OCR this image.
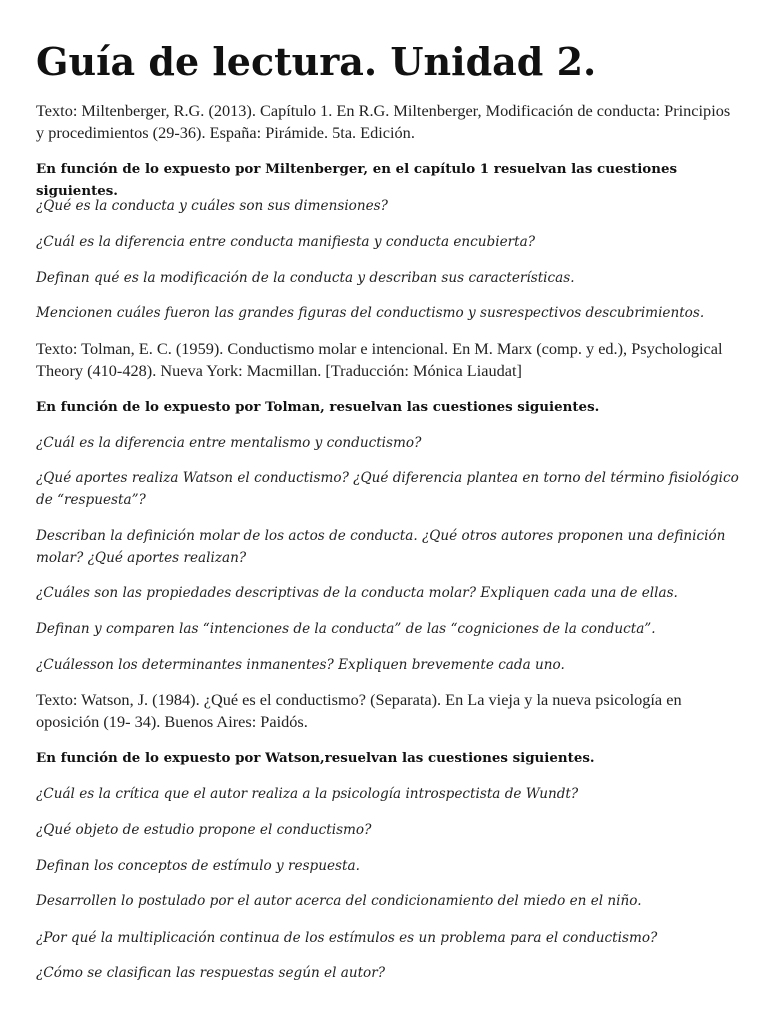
Guía de lectura. Unidad 2.

Texto: Miltenberger, R.G. (2013). Capítulo 1. En R.G. Miltenberger, Modificación de conducta: Principios y procedimientos (29-36). España: Pirámide. 5ta. Edición.

En función de lo expuesto por Miltenberger, en el capítulo 1 resuelvan las cuestiones siguientes.

¿Qué es la conducta y cuáles son sus dimensiones?

¿Cuál es la diferencia entre conducta manifiesta y conducta encubierta?

Definan qué es la modificación de la conducta y describan sus características.

Mencionen cuáles fueron las grandes figuras del conductismo y susrespectivos descubrimientos.

Texto: Tolman, E. C. (1959). Conductismo molar e intencional. En M. Marx (comp. y ed.), Psychological Theory (410-428). Nueva York: Macmillan. [Traducción: Mónica Liaudat]

En función de lo expuesto por Tolman, resuelvan las cuestiones siguientes.

¿Cuál es la diferencia entre mentalismo y conductismo?

¿Qué aportes realiza Watson el conductismo? ¿Qué diferencia plantea en torno del término fisiológico de “respuesta”?

Describan la definición molar de los actos de conducta. ¿Qué otros autores proponen una definición molar? ¿Qué aportes realizan?

¿Cuáles son las propiedades descriptivas de la conducta molar? Expliquen cada una de ellas.

Definan y comparen las “intenciones de la conducta” de las “cogniciones de la conducta”.

¿Cuálesson los determinantes inmanentes? Expliquen brevemente cada uno.

Texto: Watson, J. (1984). ¿Qué es el conductismo? (Separata). En La vieja y la nueva psicología en oposición (19- 34). Buenos Aires: Paidós.

En función de lo expuesto por Watson,resuelvan las cuestiones siguientes.

¿Cuál es la crítica que el autor realiza a la psicología introspectista de Wundt?

¿Qué objeto de estudio propone el conductismo?

Definan los conceptos de estímulo y respuesta.

Desarrollen lo postulado por el autor acerca del condicionamiento del miedo en el niño.

¿Por qué la multiplicación continua de los estímulos es un problema para el conductismo?

¿Cómo se clasifican las respuestas según el autor?
